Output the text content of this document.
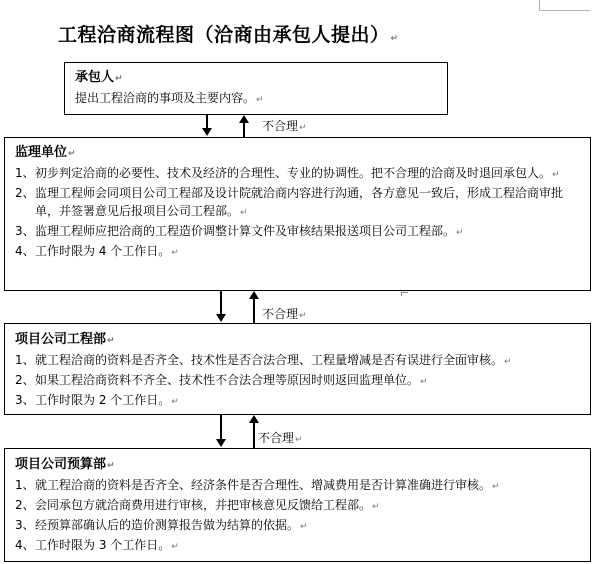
工程洽商流程图（洽商由承包人提出）↵
承包人↵
提出工程洽商的事项及主要内容。↵
不合理↵
监理单位↵
1、 初步判定洽商的必要性、技术及经济的合理性、专业的协调性。把不合理的洽商及时退回承包人。↵
2、 监理工程师会同项目公司工程部及设计院就洽商内容进行沟通，各方意见一致后，形成工程洽商审批单，并签署意见后报项目公司工程部。↵
3、 监理工程师应把洽商的工程造价调整计算文件及审核结果报送项目公司工程部。↵
4、 工作时限为 4 个工作日。↵
不合理↵
项目公司工程部↵
1、 就工程洽商的资料是否齐全、技术性是否合法合理、工程量增减是否有误进行全面审核。↵
2、 如果工程洽商资料不齐全、技术性不合法合理等原因时则返回监理单位。↵
3、 工作时限为 2 个工作日。↵
不合理↵
项目公司预算部↵
1、 就工程洽商的资料是否齐全、经济条件是否合理性、增减费用是否计算准确进行审核。↵
2、 会同承包方就洽商费用进行审核，并把审核意见反馈给工程部。↵
3、 经预算部确认后的造价测算报告做为结算的依据。↵
4、 工作时限为 3 个工作日。↵
